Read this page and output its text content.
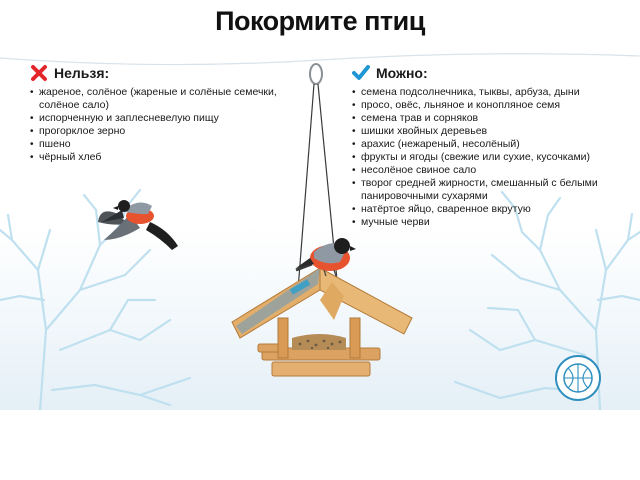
Покормите птиц
Нельзя:
• жареное, солёное (жареные и солёные семечки, солёное сало)
• испорченную и заплесневелую пищу
• прогорклое зерно
• пшено
• чёрный хлеб
Можно:
• семена подсолнечника, тыквы, арбуза, дыни
• просо, овёс, льняное и конопляное семя
• семена трав и сорняков
• шишки хвойных деревьев
• арахис (нежареный, несолёный)
• фрукты и ягоды (свежие или сухие, кусочками)
• несолёное свиное сало
• творог средней жирности, смешанный с белыми панировочными сухарями
• натёртое яйцо, сваренное вкрутую
• мучные черви
